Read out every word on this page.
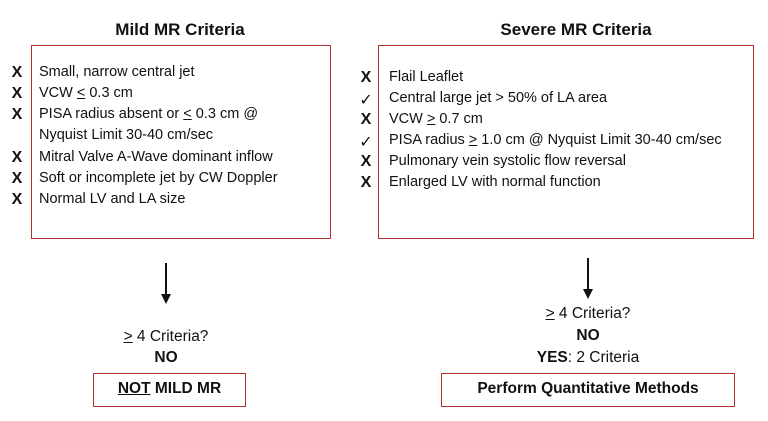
Mild MR Criteria
X
X
X
X
X
X
Small, narrow central jet
VCW < 0.3 cm
PISA radius absent or < 0.3 cm @
Nyquist Limit 30-40 cm/sec
Mitral Valve A-Wave dominant inflow
Soft or incomplete jet by CW Doppler
Normal LV and LA size
> 4 Criteria?
NO
NOT MILD MR
Severe MR Criteria
X
✓
X
✓
X
X
Flail Leaflet
Central large jet > 50% of LA area
VCW > 0.7 cm
PISA radius > 1.0 cm @ Nyquist Limit 30-40 cm/sec
Pulmonary vein systolic flow reversal
Enlarged LV with normal function
> 4 Criteria?
NO
YES: 2 Criteria
Perform Quantitative Methods
